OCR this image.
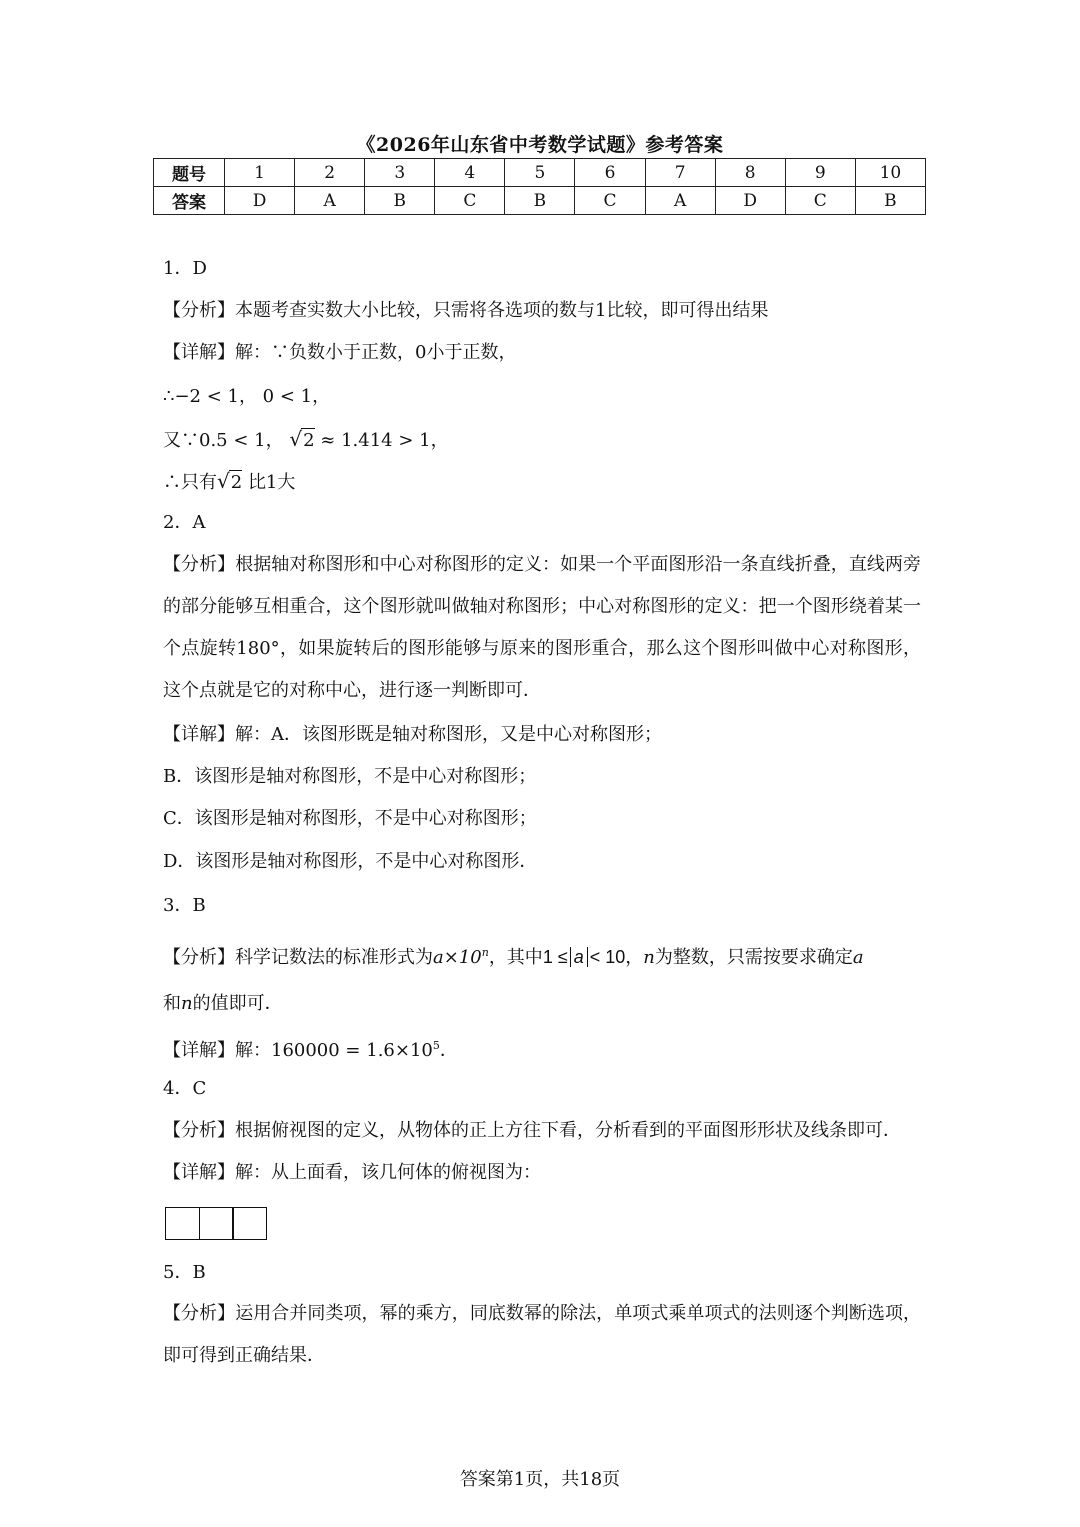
《2026年山东省中考数学试题》参考答案
题号	1	2	3	4	5	6	7	8	9	10
答案	D	A	B	C	B	C	A	D	C	B
1．D
【分析】本题考查实数大小比较，只需将各选项的数与1比较，即可得出结果
【详解】解：∵负数小于正数，0小于正数，
∴−2 < 1， 0 < 1，
又∵0.5 < 1， √2 ≈ 1.414 > 1，
∴只有√2 比1大
2．A
【分析】根据轴对称图形和中心对称图形的定义：如果一个平面图形沿一条直线折叠，直线两旁的部分能够互相重合，这个图形就叫做轴对称图形；中心对称图形的定义：把一个图形绕着某一个点旋转180°，如果旋转后的图形能够与原来的图形重合，那么这个图形叫做中心对称图形，这个点就是它的对称中心，进行逐一判断即可．
【详解】解：A．该图形既是轴对称图形，又是中心对称图形；
B．该图形是轴对称图形，不是中心对称图形；
C．该图形是轴对称图形，不是中心对称图形；
D．该图形是轴对称图形，不是中心对称图形．
3．B
【分析】科学记数法的标准形式为$a\times 10^n$，其中1 ≤ a < 10，n为整数，只需按要求确定a
和n的值即可．
【详解】解：$160000 = 1.6\times 10^5$．
4．C
【分析】根据俯视图的定义，从物体的正上方往下看，分析看到的平面图形形状及线条即可．
【详解】解：从上面看，该几何体的俯视图为：
5．B
【分析】运用合并同类项，幂的乘方，同底数幂的除法，单项式乘单项式的法则逐个判断选项，即可得到正确结果．
答案第1页，共18页
